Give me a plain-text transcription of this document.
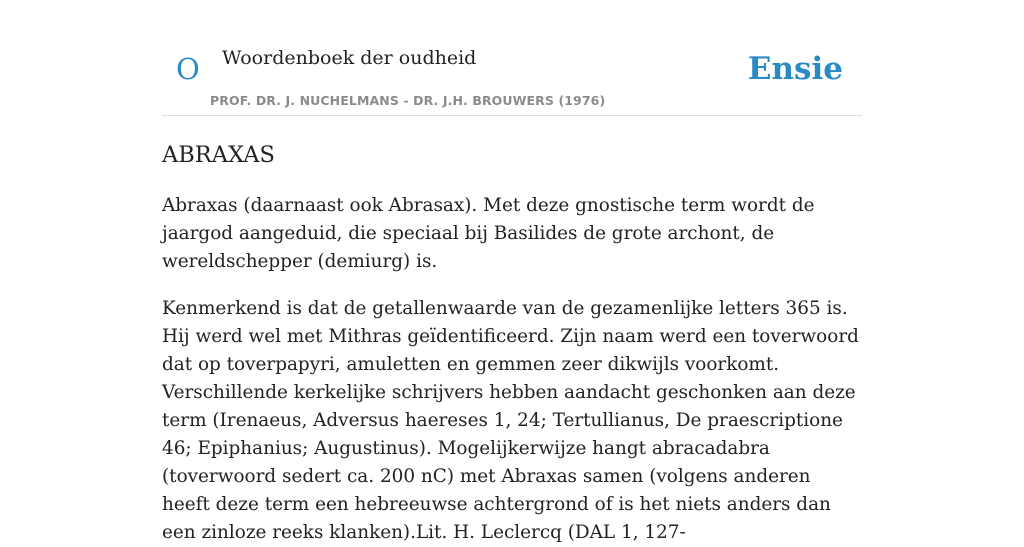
O Woordenboek der oudheid
PROF. DR. J. NUCHELMANS - DR. J.H. BROUWERS (1976)
Ensie
ABRAXAS

Abraxas (daarnaast ook Abrasax). Met deze gnostische term wordt de jaargod aangeduid, die speciaal bij Basilides de grote archont, de wereldschepper (demiurg) is.

Kenmerkend is dat de getallenwaarde van de gezamenlijke letters 365 is. Hij werd wel met Mithras geïdentificeerd. Zijn naam werd een toverwoord dat op toverpapyri, amuletten en gemmen zeer dikwijls voorkomt. Verschillende kerkelijke schrijvers hebben aandacht geschonken aan deze term (Irenaeus, Adversus haereses 1, 24; Tertullianus, De praescriptione 46; Epiphanius; Augustinus). Mogelijkerwijze hangt abracadabra (toverwoord sedert ca. 200 nC) met Abraxas samen (volgens anderen heeft deze term een hebreeuwse achtergrond of is het niets anders dan een zinloze reeks klanken).Lit. H. Leclercq (DAL 1, 127-
